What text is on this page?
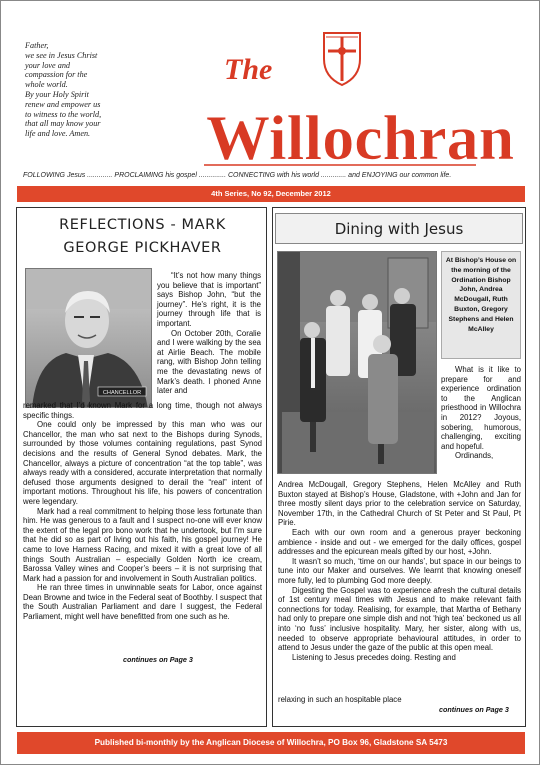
Father,
we see in Jesus Christ
your love and
compassion for the
whole world.
By your Holy Spirit
renew and empower us
to witness to the world,
that all may know your
life and love. Amen.
The
Willochran
FOLLOWING Jesus ............. PROCLAIMING his gospel .............. CONNECTING with his world ............. and ENJOYING our common life.
4th Series, No 92, December 2012
REFLECTIONS - MARK GEORGE PICKHAVER
CHANCELLOR

“It’s not how many things you believe that is important” says Bishop John, “but the journey”. He’s right, it is the journey through life that is important.

On October 20th, Coralie and I were walking by the sea at Airlie Beach. The mobile rang, with Bishop John telling me the devastating news of Mark’s death. I phoned Anne later and

remarked that I’d known Mark for a long time, though not always specific things.

One could only be impressed by this man who was our Chancellor, the man who sat next to the Bishops during Synods, surrounded by those volumes containing regulations, past Synod decisions and the results of General Synod debates. Mark, the Chancellor, always a picture of concentration “at the top table”, was always ready with a considered, accurate interpretation that normally defused those arguments designed to derail the “real” intent of important motions. Throughout his life, his powers of concentration were legendary.

Mark had a real commitment to helping those less fortunate than him. He was generous to a fault and I suspect no-one will ever know the extent of the legal pro bono work that he undertook, but I’m sure that he did so as part of living out his faith, his gospel journey! He came to love Harness Racing, and mixed it with a great love of all things South Australian – especially Golden North ice cream, Barossa Valley wines and Cooper’s beers – it is not surprising that Mark had a passion for and involvement in South Australian politics.

He ran three times in unwinnable seats for Labor, once against Dean Browne and twice in the Federal seat of Boothby. I suspect that the South Australian Parliament and dare I suggest, the Federal Parliament, might well have benefitted from one such as he.

continues on Page 3
Dining with Jesus
At Bishop’s House on the morning of the Ordination Bishop John, Andrea McDougall, Ruth Buxton, Gregory Stephens and Helen McAlley

What is it like to prepare for and experience ordination to the Anglican priesthood in Willochra in 2012? Joyous, sobering, humorous, challenging, exciting and hopeful.

Ordinands,

Andrea McDougall, Gregory Stephens, Helen McAlley and Ruth Buxton stayed at Bishop’s House, Gladstone, with +John and Jan for three mostly silent days prior to the celebration service on Saturday, November 17th, in the Cathedral Church of St Peter and St Paul, Pt Pirie.

Each with our own room and a generous prayer beckoning ambience - inside and out - we emerged for the daily offices, gospel addresses and the epicurean meals gifted by our host, +John.

It wasn’t so much, ‘time on our hands’, but space in our beings to tune into our Maker and ourselves. We learnt that knowing oneself more fully, led to plumbing God more deeply.

Digesting the Gospel was to experience afresh the cultural details of 1st century meal times with Jesus and to make relevant faith connections for today. Realising, for example, that Martha of Bethany had only to prepare one simple dish and not ‘high tea’ beckoned us all into ‘no fuss’ inclusive hospitality. Mary, her sister, along with us, needed to observe appropriate behavioural attitudes, in order to attend to Jesus under the gaze of the public at this open meal.

Listening to Jesus precedes doing. Resting and

relaxing in such an hospitable place
continues on Page 3
Published bi-monthly by the Anglican Diocese of Willochra, PO Box 96, Gladstone SA 5473
